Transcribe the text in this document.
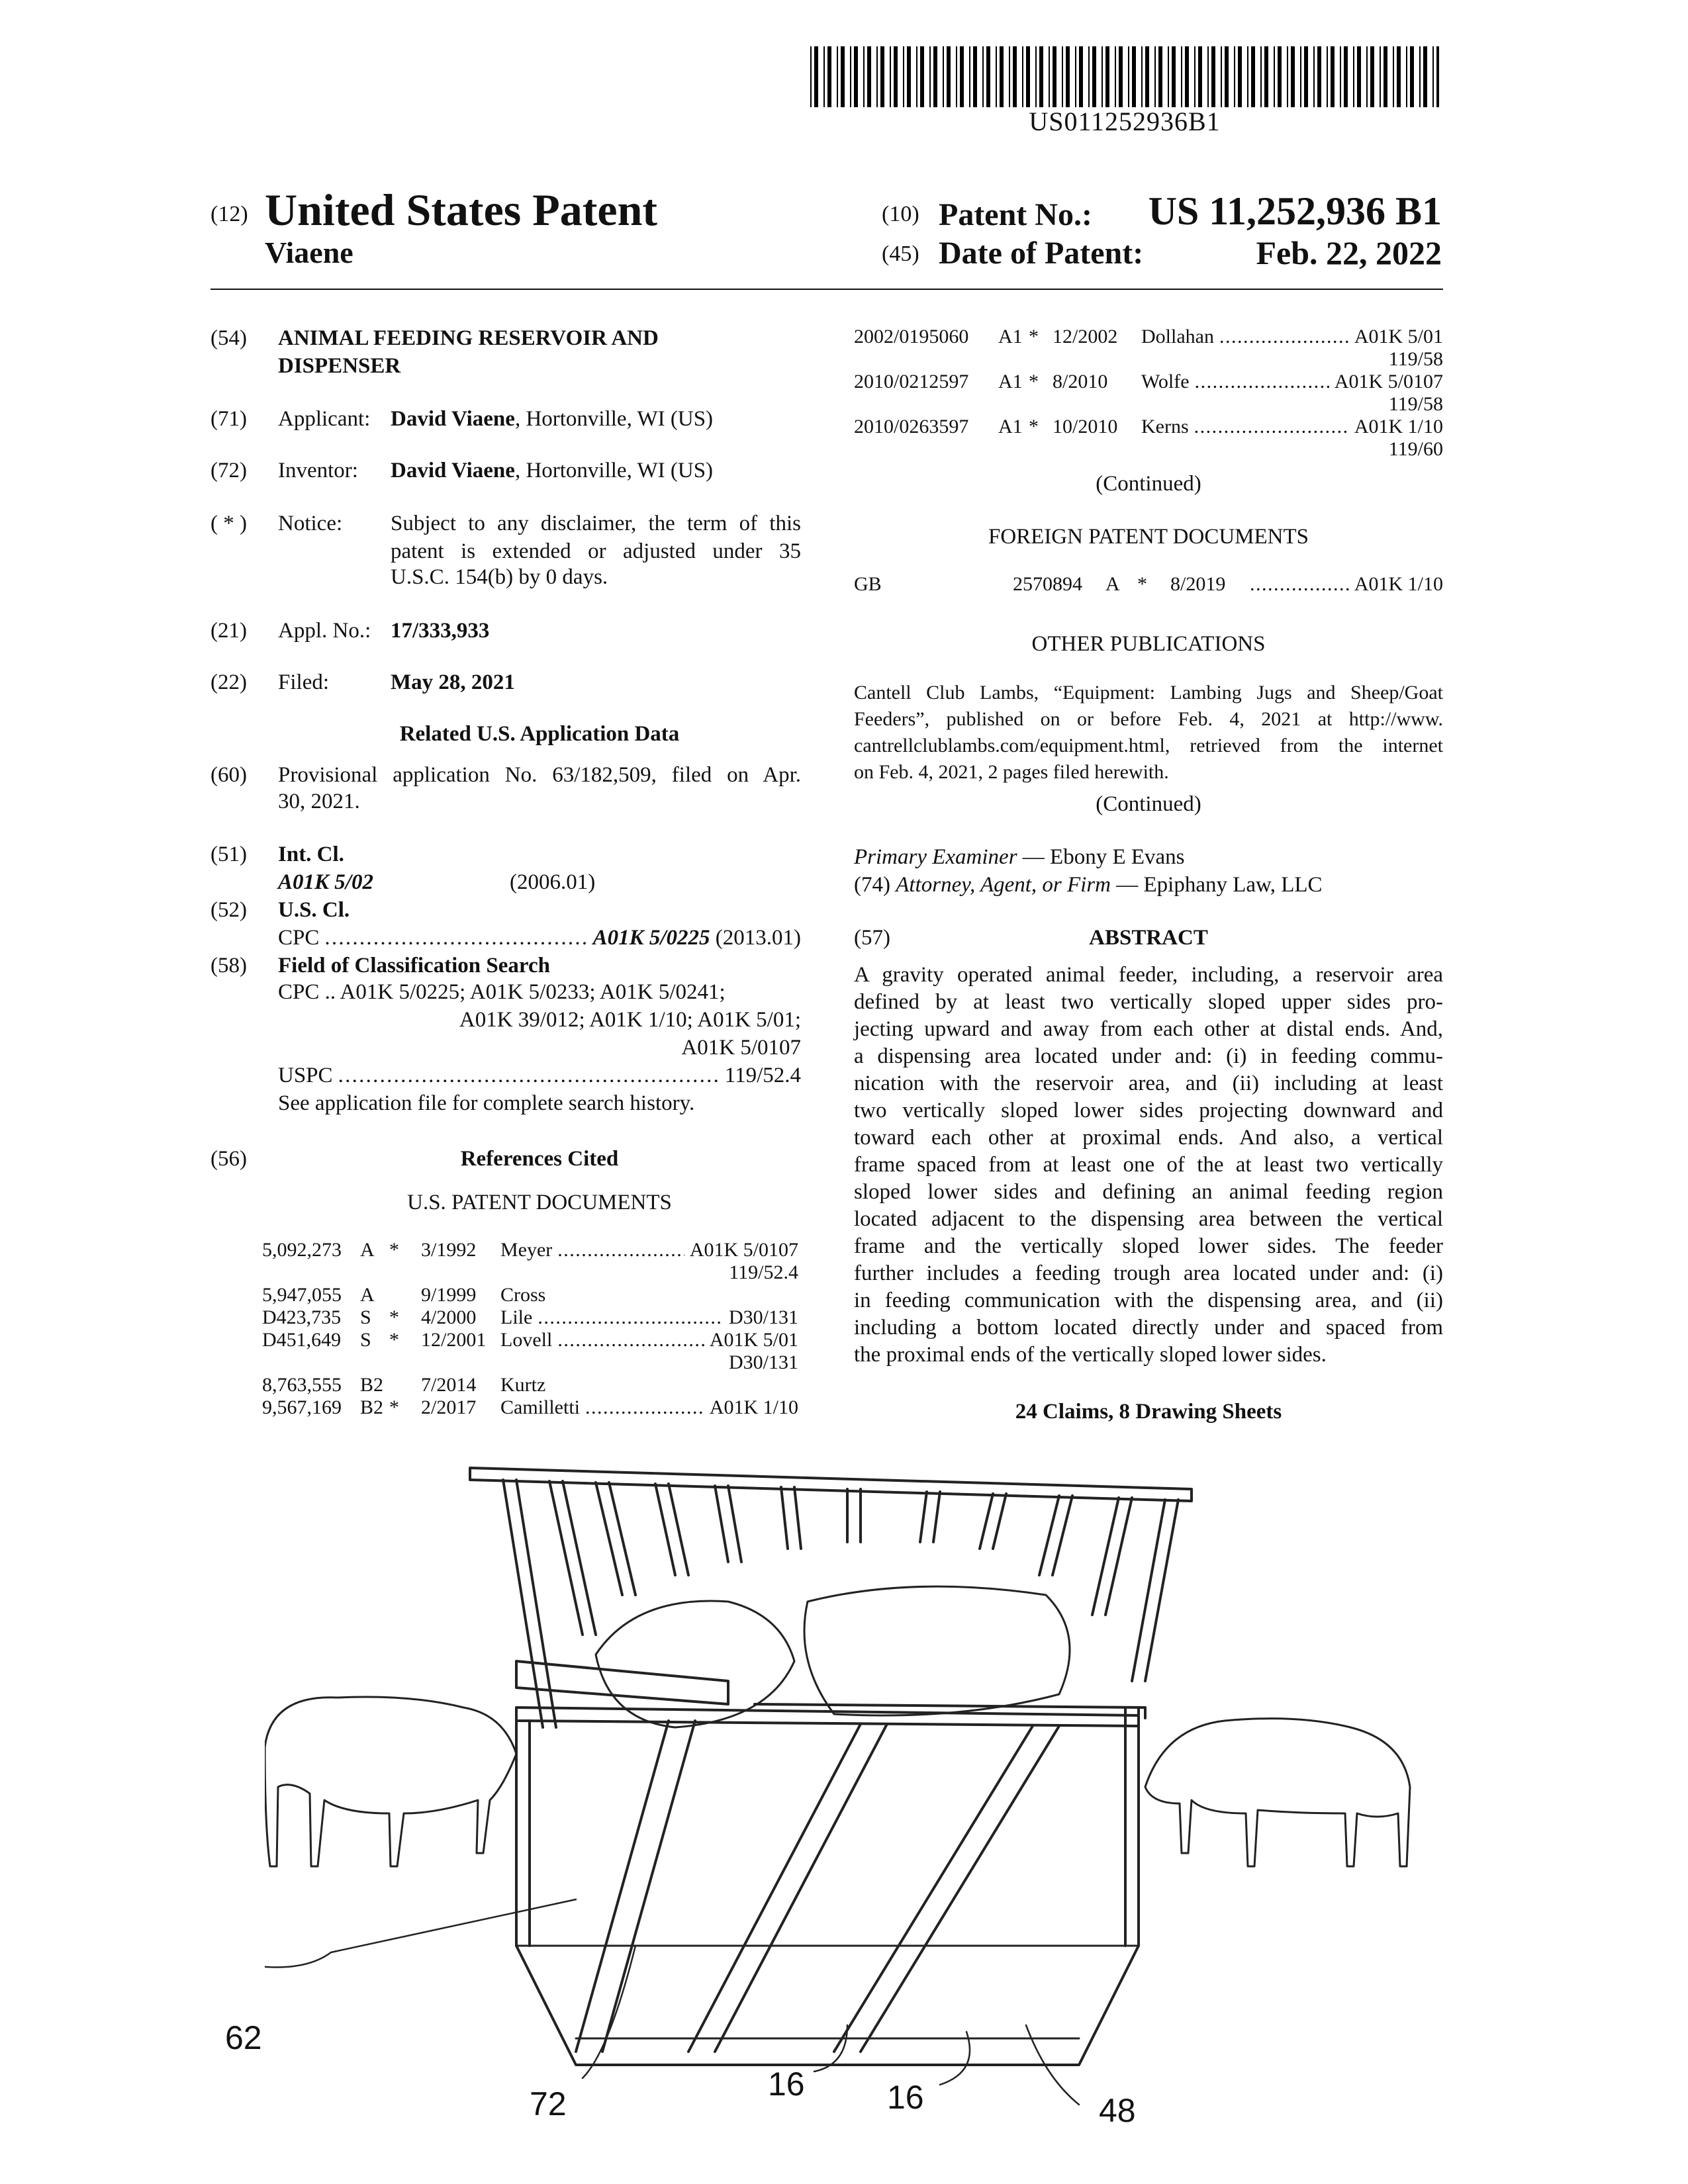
US011252936B1
(12) United States Patent
Viaene
(10) Patent No.:	US 11,252,936 B1
(45) Date of Patent:	Feb. 22, 2022
(54) ANIMAL FEEDING RESERVOIR AND
DISPENSER
(71) Applicant: David Viaene, Hortonville, WI (US)
(72) Inventor: David Viaene, Hortonville, WI (US)
( * ) Notice: Subject to any disclaimer, the term of this
patent is extended or adjusted under 35
U.S.C. 154(b) by 0 days.
(21) Appl. No.: 17/333,933
(22) Filed:	May 28, 2021
Related U.S. Application Data
(60) Provisional application No. 63/182,509, filed on Apr.
30, 2021.
(51) Int. Cl.
A01K 5/02	(2006.01)
(52) U.S. Cl.
CPC . . .	A01K 5/0225
(2013.01)
(58) Field of Classification Search
CPC .. A01K 5/0225; A01K 5/0233; A01K 5/0241;
A01K 39/012; A01K 1/10; A01K 5/01;
A01K 5/0107
USPC . . .	119/52.4
See application file for complete search history.
(56)	References Cited
U.S. PATENT DOCUMENTS
5,092,273 A * 3/1992 Meyer . . .	A01K 5/0107
119/52.4
5,947,055 A 9/1999 Cross
D423,735 S * 4/2000 Lile . . .	D30/131
D451,649 S * 12/2001 Lovell . . .	A01K 5/01
D30/131
8,763,555 B2 7/2014 Kurtz
9,567,169 B2 * 2/2017 Camilletti . . .	A01K 1/10
2002/0195060 A1 * 12/2002 Dollahan . . .	A01K 5/01
119/58
2010/0212597 A1 * 8/2010 Wolfe . . .	A01K 5/0107
119/58
2010/0263597 A1 * 10/2010 Kerns . . .	A01K 1/10
119/60
(Continued)
FOREIGN PATENT DOCUMENTS
GB	2570894 A * 8/2019 . . .	A01K 1/10
OTHER PUBLICATIONS
Cantell Club Lambs, “Equipment: Lambing Jugs and Sheep/Goat
Feeders”, published on or before Feb. 4, 2021 at http://www.
cantrellclublambs.com/equipment.html, retrieved from the internet
on Feb. 4, 2021, 2 pages filed herewith.
(Continued)
Primary Examiner — Ebony E Evans
(74) Attorney, Agent, or Firm — Epiphany Law, LLC
(57)	ABSTRACT
A gravity operated animal feeder, including, a reservoir area
defined by at least two vertically sloped upper sides pro-
jecting upward and away from each other at distal ends. And,
a dispensing area located under and: (i) in feeding commu-
nication with the reservoir area, and (ii) including at least
two vertically sloped lower sides projecting downward and
toward each other at proximal ends. And also, a vertical
frame spaced from at least one of the at least two vertically
sloped lower sides and defining an animal feeding region
located adjacent to the dispensing area between the vertical
frame and the vertically sloped lower sides. The feeder
further includes a feeding trough area located under and: (i)
in feeding communication with the dispensing area, and (ii)
including a bottom located directly under and spaced from
the proximal ends of the vertically sloped lower sides.
24 Claims, 8 Drawing Sheets
62
72
16 16	48
